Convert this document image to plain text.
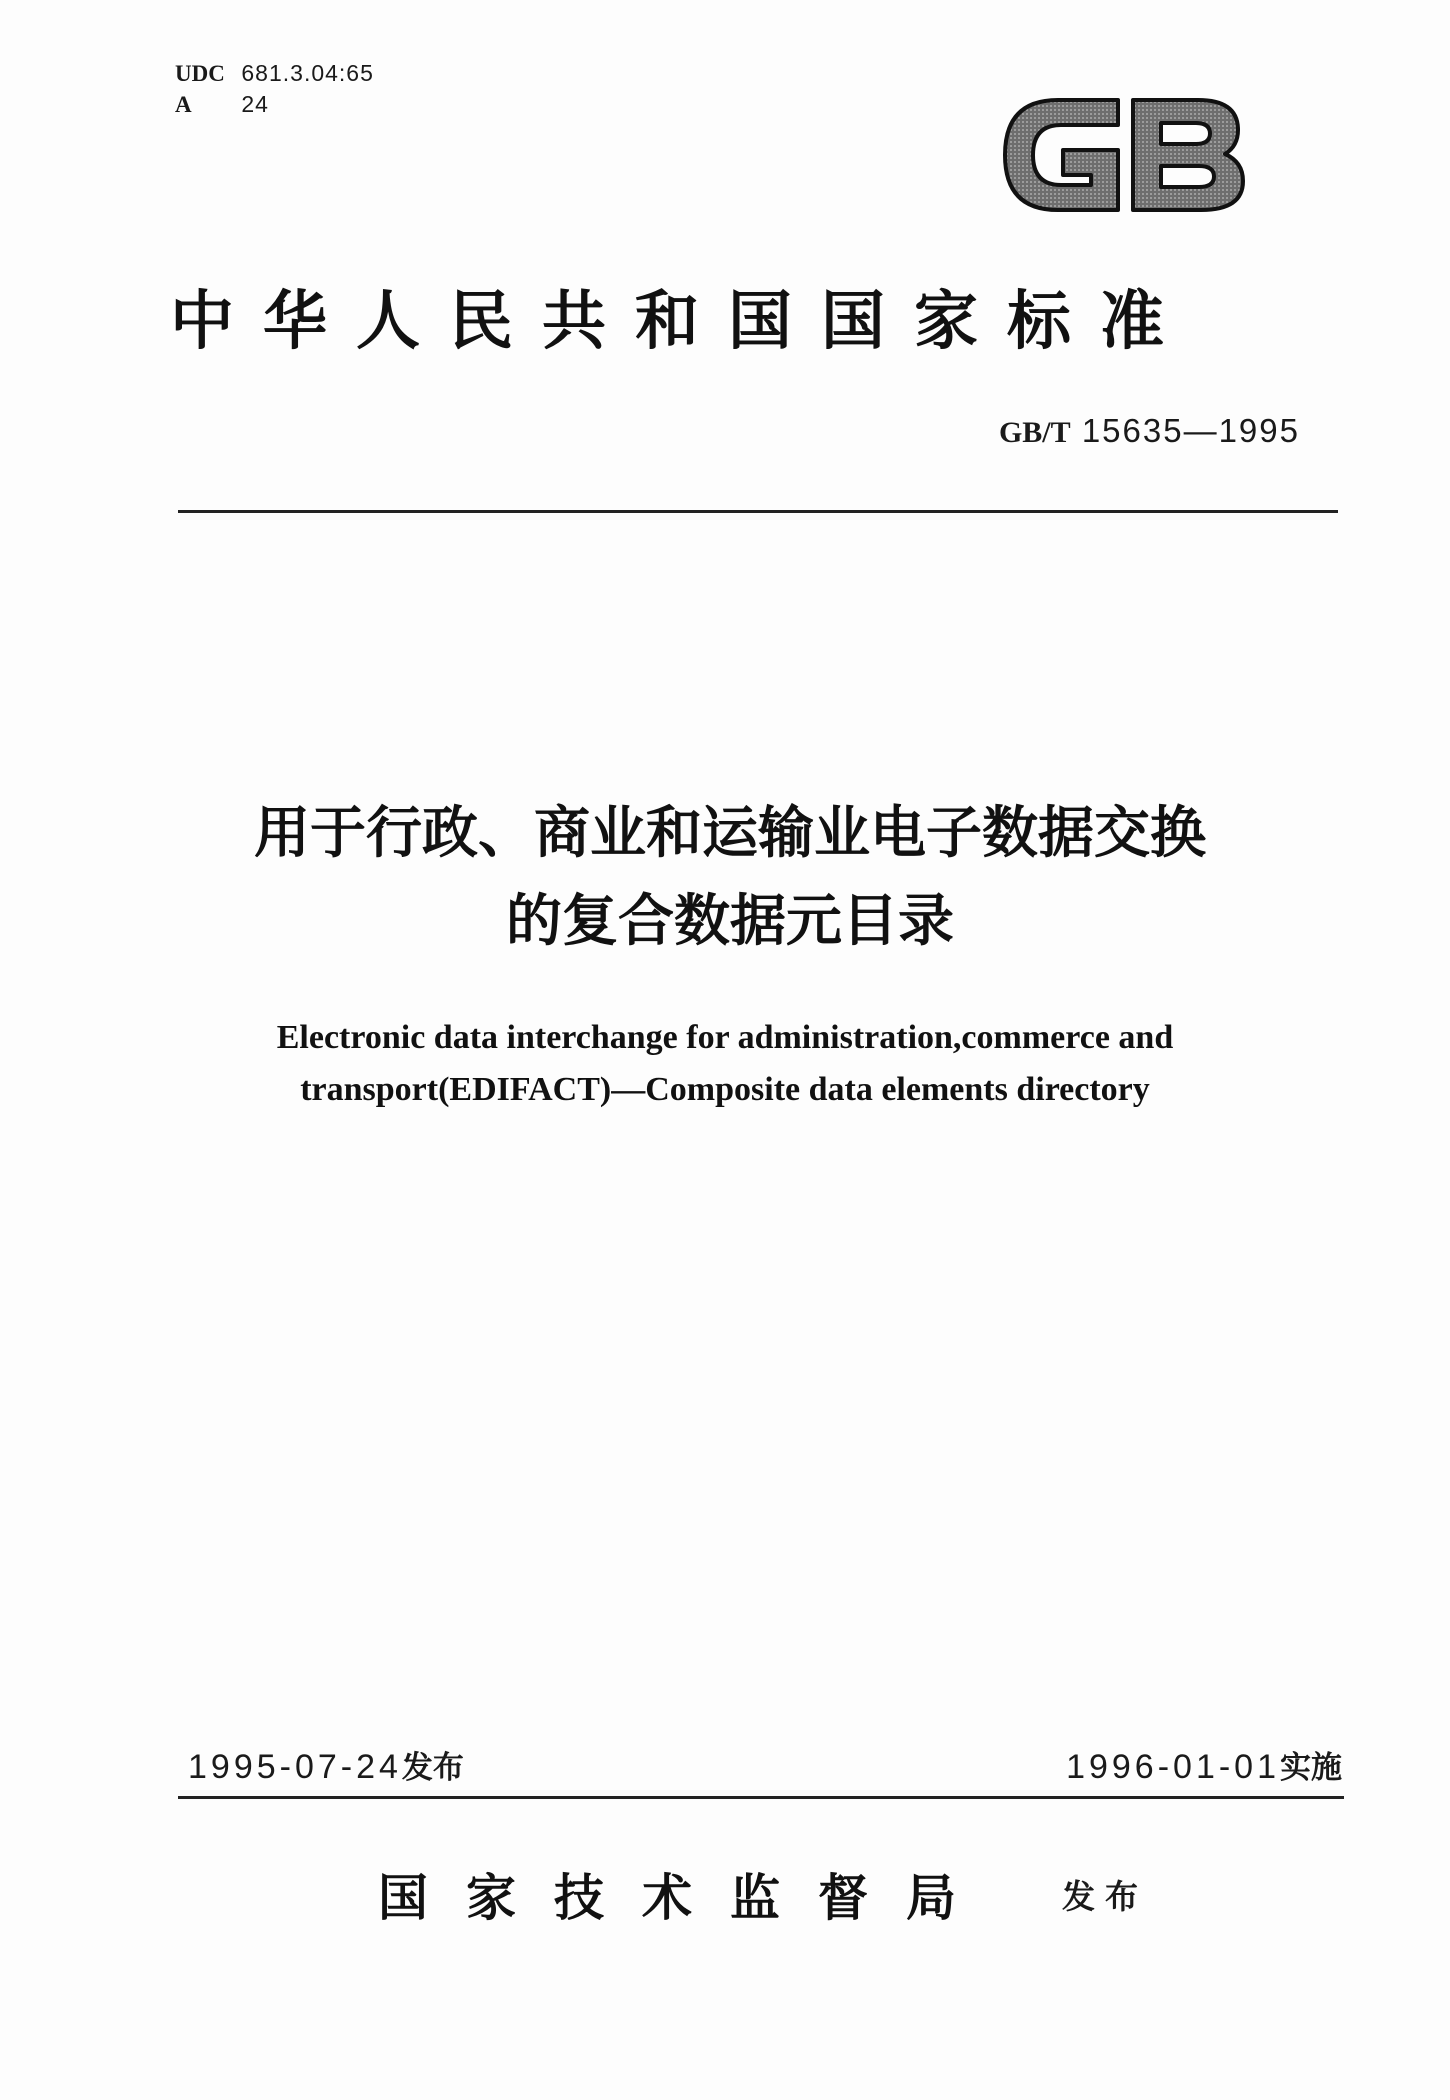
UDC 681.3.04:65
A 24
中华人民共和国国家标准
GB/T 15635—1995
用于行政、商业和运输业电子数据交换
的复合数据元目录
Electronic data interchange for administration,commerce and
transport(EDIFACT)—Composite data elements directory
1995-07-24发布	1996-01-01实施
国家技术监督局 发布
